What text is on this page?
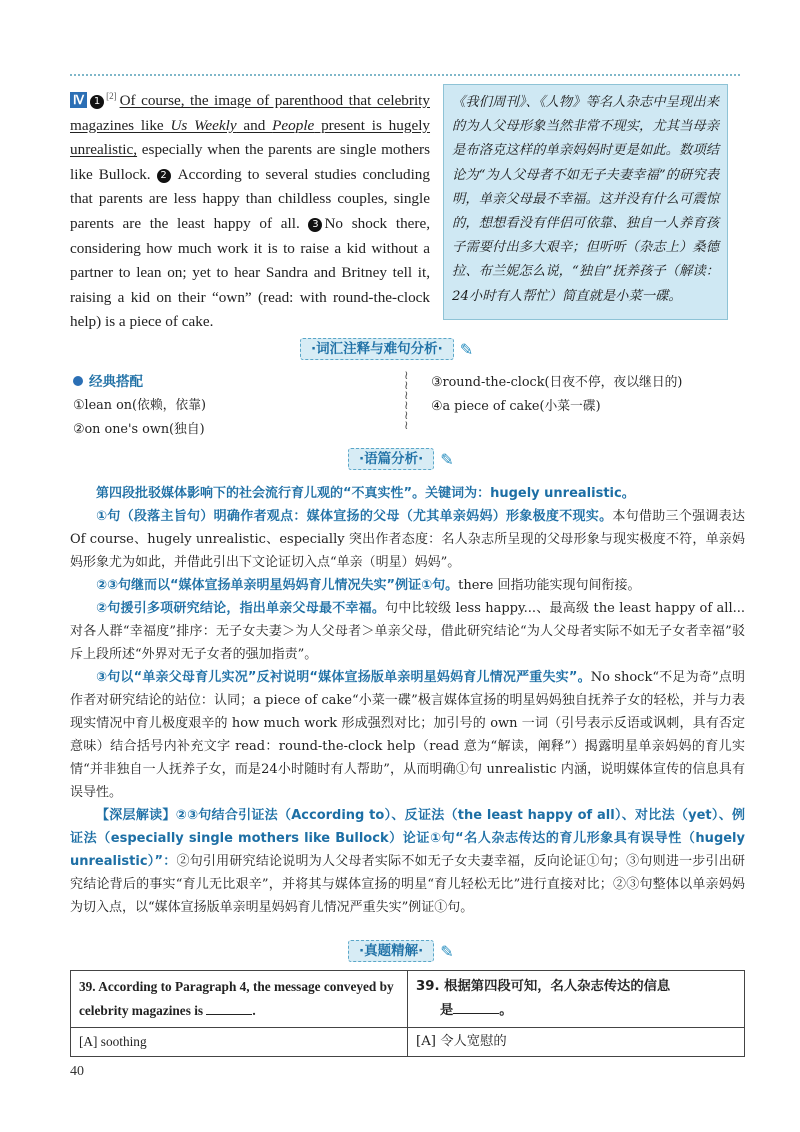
Ⅳ 1[2] Of course, the image of parenthood that celebrity magazines like Us Weekly and People present is hugely unrealistic, especially when the parents are single mothers like Bullock. 2 According to several studies concluding that parents are less happy than childless couples, single parents are the least happy of all. 3 No shock there, considering how much work it is to raise a kid without a partner to lean on; yet to hear Sandra and Britney tell it, raising a kid on their “own” (read: with round-the-clock help) is a piece of cake.
《我们周刊》、《人物》等名人杂志中呈现出来的为人父母形象当然非常不现实，尤其当母亲是布洛克这样的单亲妈妈时更是如此。数项结论为“为人父母者不如无子夫妻幸福”的研究表明，单亲父母最不幸福。这并没有什么可震惊的，想想看没有伴侣可依靠、独自一人养育孩子需要付出多大艰辛；但听听（杂志上）桑德拉、布兰妮怎么说，“独自”抚养孩子（解读：24小时有人帮忙）简直就是小菜一碟。
·词汇注释与难句分析·	✎
经典搭配
①lean on(依赖，依靠)
②on one's own(独自)
≀
≀
≀
≀
≀
≀
③round-the-clock(日夜不停，夜以继日的)
④a piece of cake(小菜一碟)
·语篇分析·	✎

第四段批驳媒体影响下的社会流行育儿观的“不真实性”。关键词为：hugely unrealistic。

①句（段落主旨句）明确作者观点：媒体宣扬的父母（尤其单亲妈妈）形象极度不现实。本句借助三个强调表达 Of course、hugely unrealistic、especially 突出作者态度：名人杂志所呈现的父母形象与现实极度不符，单亲妈妈形象尤为如此，并借此引出下文论证切入点“单亲（明星）妈妈”。

②③句继而以“媒体宣扬单亲明星妈妈育儿情况失实”例证①句。there 回指功能实现句间衔接。

②句援引多项研究结论，指出单亲父母最不幸福。句中比较级 less happy...、最高级 the least happy of all...对各人群“幸福度”排序：无子女夫妻＞为人父母者＞单亲父母，借此研究结论“为人父母者实际不如无子女者幸福”驳斥上段所述“外界对无子女者的强加指责”。

③句以“单亲父母育儿实况”反衬说明“媒体宣扬版单亲明星妈妈育儿情况严重失实”。No shock“不足为奇”点明作者对研究结论的站位：认同；a piece of cake“小菜一碟”极言媒体宣扬的明星妈妈独自抚养子女的轻松，并与力表现实情况中育儿极度艰辛的 how much work 形成强烈对比；加引号的 own 一词（引号表示反语或讽刺，具有否定意味）结合括号内补充文字 read：round-the-clock help（read 意为“解读，阐释”）揭露明星单亲妈妈的育儿实情“并非独自一人抚养子女，而是24小时随时有人帮助”，从而明确①句 unrealistic 内涵，说明媒体宣传的信息具有误导性。

【深层解读】②③句结合引证法（According to）、反证法（the least happy of all）、对比法（yet）、例证法（especially single mothers like Bullock）论证①句“名人杂志传达的育儿形象具有误导性（hugely unrealistic）”：②句引用研究结论说明为人父母者实际不如无子女夫妻幸福，反向论证①句；③句则进一步引出研究结论背后的事实“育儿无比艰辛”，并将其与媒体宣扬的明星“育儿轻松无比”进行直接对比；②③句整体以单亲妈妈为切入点，以“媒体宣扬版单亲明星妈妈育儿情况严重失实”例证①句。

·真题精解·	✎
39. According to Paragraph 4, the message conveyed by celebrity magazines is .	39. 根据第四段可知，名人杂志传达的信息
是 。
[A] soothing	[A] 令人宽慰的
40
